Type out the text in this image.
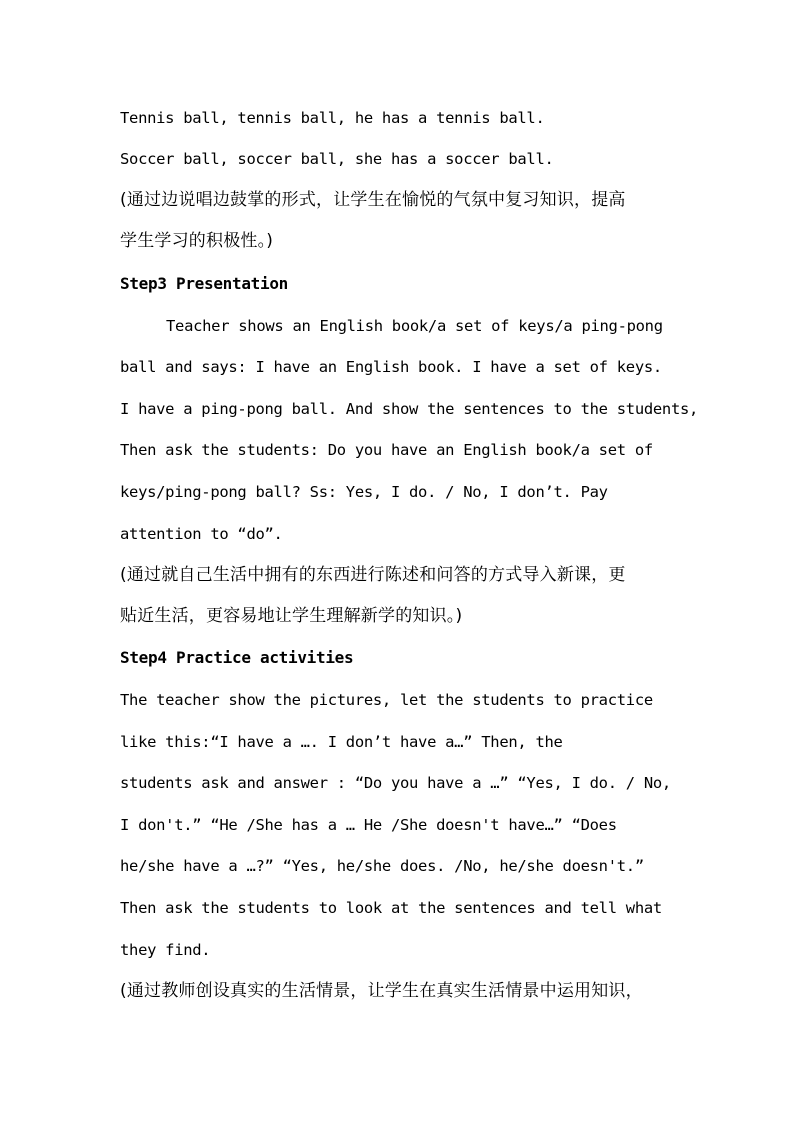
Tennis ball, tennis ball, he has a tennis ball.
Soccer ball, soccer ball, she has a soccer ball.
(通过边说唱边鼓掌的形式，让学生在愉悦的气氛中复习知识，提高
学生学习的积极性。)
Step3 Presentation
Teacher shows an English book/a set of keys/a ping-pong
ball and says: I have an English book. I have a set of keys.
I have a ping-pong ball. And show the sentences to the students,
Then ask the students: Do you have an English book/a set of
keys/ping-pong ball? Ss: Yes, I do. / No, I don’t. Pay
attention to “do”.
(通过就自己生活中拥有的东西进行陈述和问答的方式导入新课，更
贴近生活，更容易地让学生理解新学的知识。)
Step4 Practice activities
The teacher show the pictures, let the students to practice
like this:“I have a …. I don’t have a…” Then, the
students ask and answer : “Do you have a …” “Yes, I do. / No,
I don't.” “He /She has a … He /She doesn't have…” “Does
he/she have a …?” “Yes, he/she does. /No, he/she doesn't.”
Then ask the students to look at the sentences and tell what
they find.
(通过教师创设真实的生活情景，让学生在真实生活情景中运用知识，
